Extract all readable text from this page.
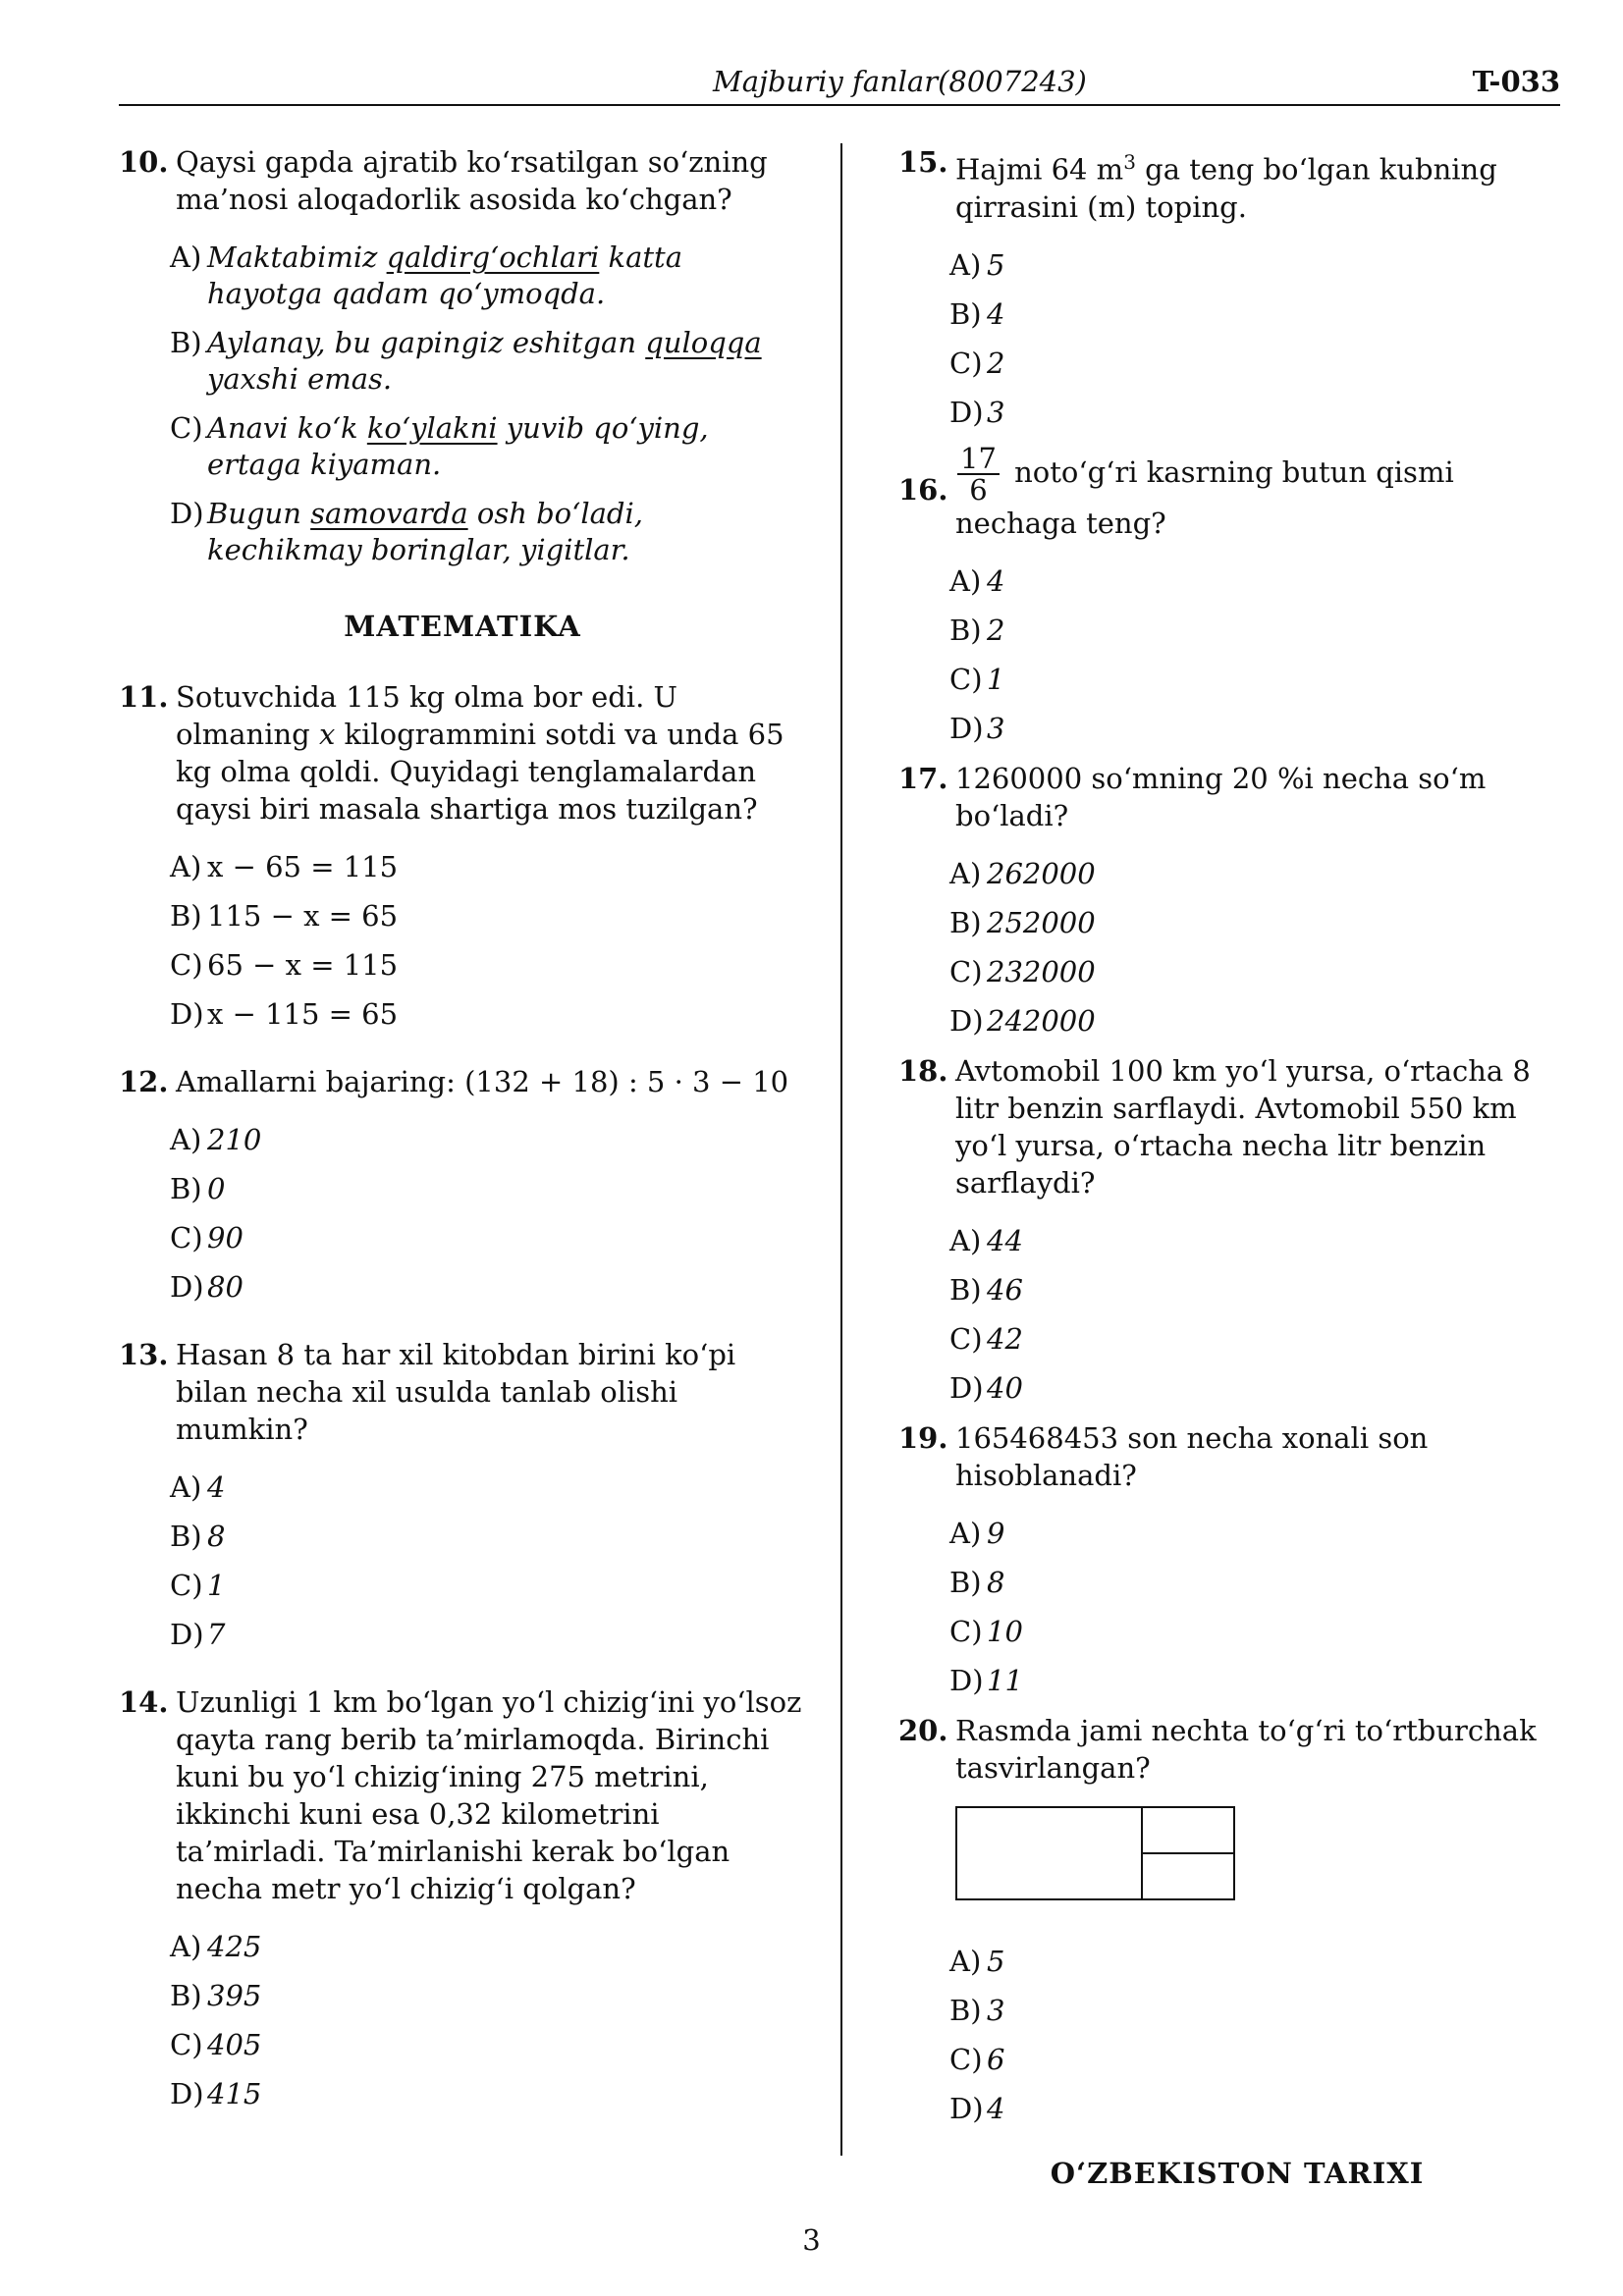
Majburiy fanlar(8007243)	T-033
10. Qaysi gapda ajratib ko‘rsatilgan so‘zning ma’nosi aloqadorlik asosida ko‘chgan?
A) Maktabimiz qaldirg‘ochlari katta hayotga qadam qo‘ymoqda.
B) Aylanay, bu gapingiz eshitgan quloqqa yaxshi emas.
C) Anavi ko‘k ko‘ylakni yuvib qo‘ying, ertaga kiyaman.
D) Bugun samovarda osh bo‘ladi, kechikmay boringlar, yigitlar.
MATEMATIKA
11. Sotuvchida 115 kg olma bor edi. U olmaning x kilogrammini sotdi va unda 65 kg olma qoldi. Quyidagi tenglamalardan qaysi biri masala shartiga mos tuzilgan?
A) x − 65 = 115
B) 115 − x = 65
C) 65 − x = 115
D) x − 115 = 65
12. Amallarni bajaring: (132 + 18) : 5 · 3 − 10
A) 210
B) 0
C) 90
D) 80
13. Hasan 8 ta har xil kitobdan birini ko‘pi bilan necha xil usulda tanlab olishi mumkin?
A) 4
B) 8
C) 1
D) 7
14. Uzunligi 1 km bo‘lgan yo‘l chizig‘ini yo‘lsoz qayta rang berib ta’mirlamoqda. Birinchi kuni bu yo‘l chizig‘ining 275 metrini, ikkinchi kuni esa 0,32 kilometrini ta’mirladi. Ta’mirlanishi kerak bo‘lgan necha metr yo‘l chizig‘i qolgan?
A) 425
B) 395
C) 405
D) 415
15. Hajmi 64 $m^3$ ga teng bo‘lgan kubning qirrasini (m) toping.
A) 5
B) 4
C) 2
D) 3
16. $\frac{17}{6}$ noto‘g‘ri kasrning butun qismi nechaga teng?
A) 4
B) 2
C) 1
D) 3
17. 1260000 so‘mning 20 %i necha so‘m bo‘ladi?
A) 262000
B) 252000
C) 232000
D) 242000
18. Avtomobil 100 km yo‘l yursa, o‘rtacha 8 litr benzin sarflaydi. Avtomobil 550 km yo‘l yursa, o‘rtacha necha litr benzin sarflaydi?
A) 44
B) 46
C) 42
D) 40
19. 165468453 son necha xonali son hisoblanadi?
A) 9
B) 8
C) 10
D) 11
20. Rasmda jami nechta to‘g‘ri to‘rtburchak tasvirlangan?
A) 5
B) 3
C) 6
D) 4
O‘ZBEKISTON TARIXI
3
